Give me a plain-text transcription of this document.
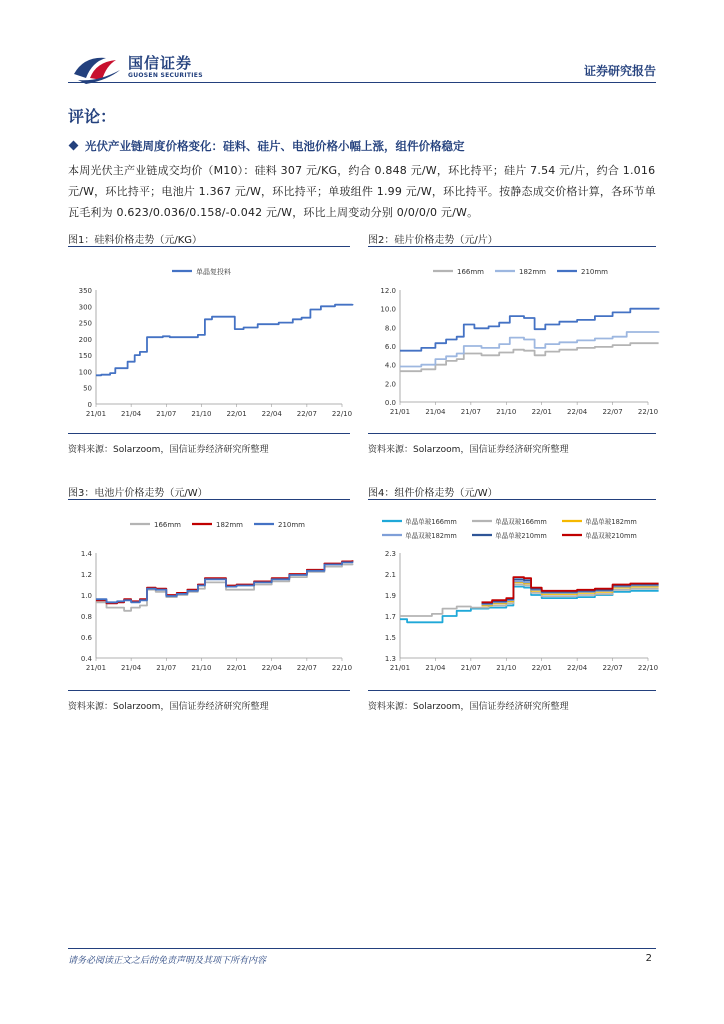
国信证券
GUOSEN SECURITIES	证券研究报告
评论：
光伏产业链周度价格变化：硅料、硅片、电池价格小幅上涨，组件价格稳定
本周光伏主产业链成交均价（M10）：硅料 307 元/KG，约合 0.848 元/W，环比持平；硅片 7.54 元/片，约合 1.016 元/W，环比持平；电池片 1.367 元/W，环比持平；单玻组件 1.99 元/W，环比持平。按静态成交价格计算，各环节单瓦毛利为 0.623/0.036/0.158/-0.042 元/W，环比上周变动分别 0/0/0/0 元/W。
图1：硅料价格走势（元/KG）
0
50
100
150
200
250
300
350
21/01 21/04 21/07 21/10 22/01 22/04 22/07 22/10
单晶复投料
资料来源：Solarzoom，国信证券经济研究所整理
图2：硅片价格走势（元/片）
0.0
2.0
4.0
6.0
8.0
10.0
12.0
21/01 21/04 21/07 21/10 22/01 22/04 22/07 22/10
166mm	182mm	210mm
资料来源：Solarzoom，国信证券经济研究所整理
图3：电池片价格走势（元/W）
0.4
0.6
0.8
1.0
1.2
1.4
21/01 21/04 21/07 21/10 22/01 22/04 22/07 22/10
166mm	182mm	210mm
资料来源：Solarzoom，国信证券经济研究所整理
图4：组件价格走势（元/W）
1.3
1.5
1.7
1.9
2.1
2.3
21/01 21/04 21/07 21/10 22/01 22/04 22/07 22/10
单晶单玻166mm	单晶双玻166mm	单晶单玻182mm
单晶双玻182mm	单晶单玻210mm	单晶双玻210mm
资料来源：Solarzoom，国信证券经济研究所整理
请务必阅读正文之后的免责声明及其项下所有内容	2
